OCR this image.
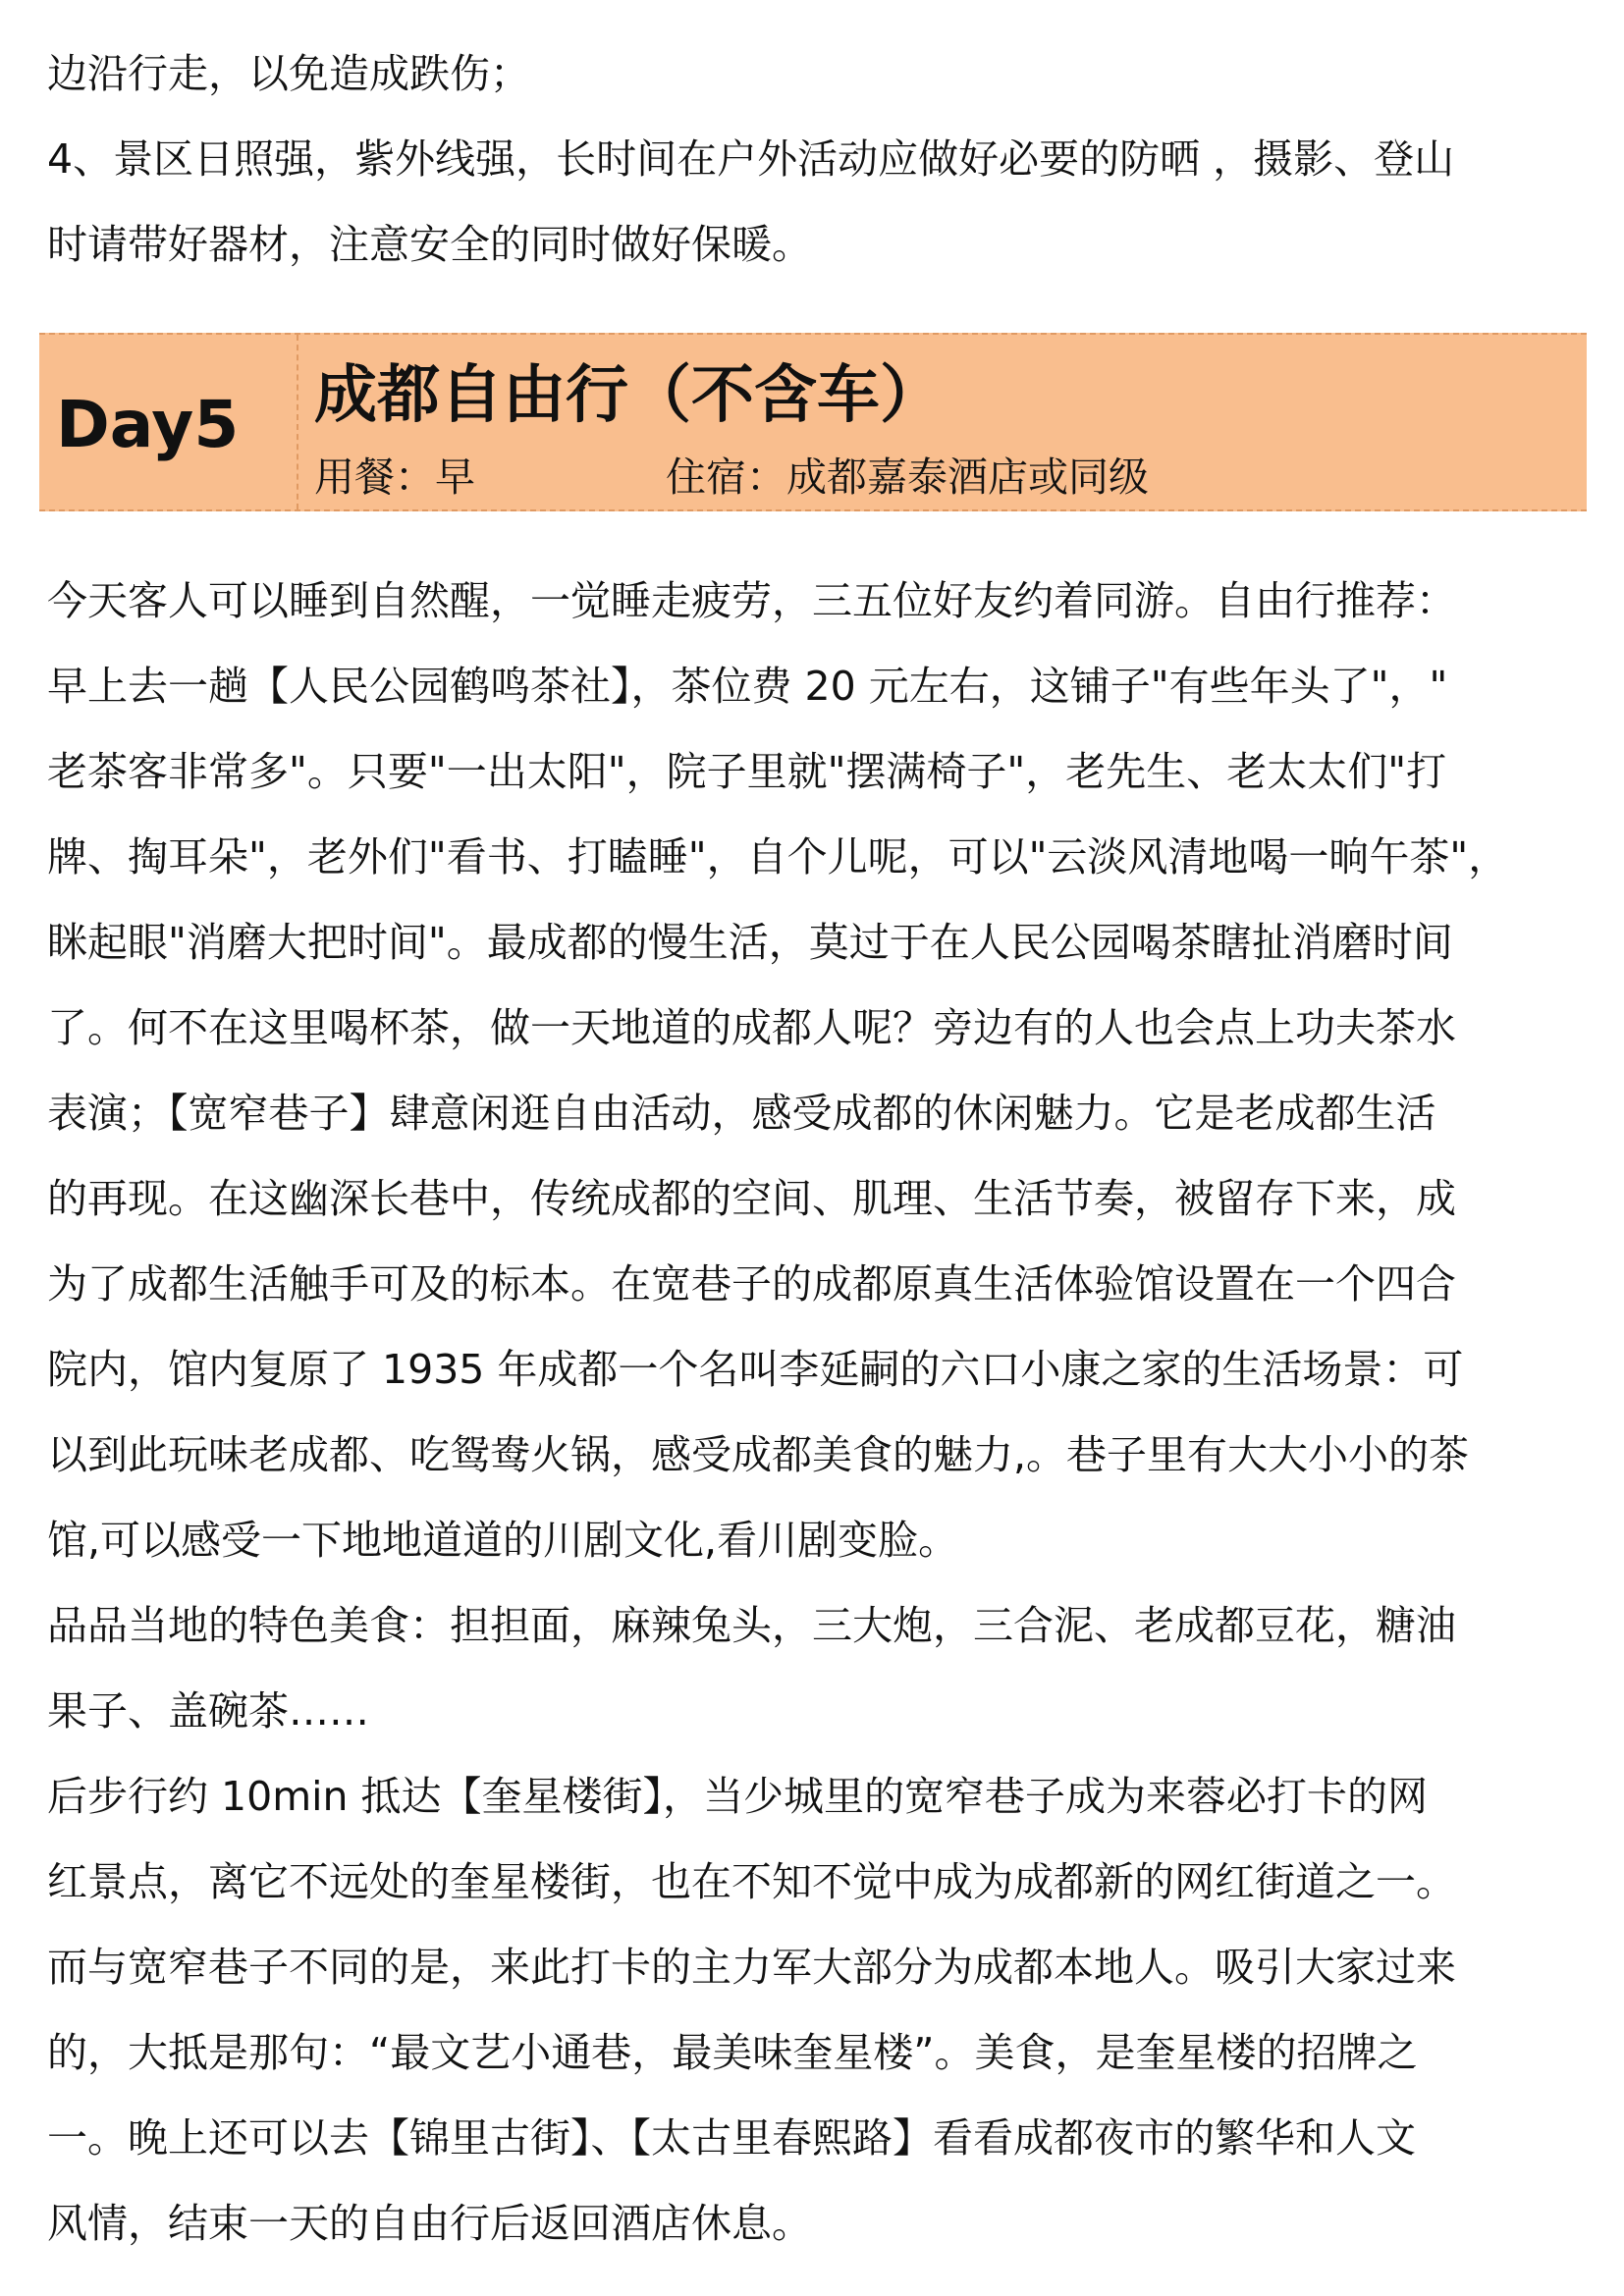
边沿行走，以免造成跌伤；
4、景区日照强，紫外线强，长时间在户外活动应做好必要的防晒 ，摄影、登山
时请带好器材，注意安全的同时做好保暖。
Day5 成都自由行（不含车）
用餐：早	住宿：成都嘉泰酒店或同级
今天客人可以睡到自然醒，一觉睡走疲劳，三五位好友约着同游。自由行推荐：
早上去一趟【人民公园鹤鸣茶社】，茶位费 20 元左右，这铺子"有些年头了"，"
老茶客非常多"。只要"一出太阳"，院子里就"摆满椅子"，老先生、老太太们"打
牌、掏耳朵"，老外们"看书、打瞌睡"，自个儿呢，可以"云淡风清地喝一晌午茶"，
眯起眼"消磨大把时间"。最成都的慢生活，莫过于在人民公园喝茶瞎扯消磨时间
了。何不在这里喝杯茶，做一天地道的成都人呢？旁边有的人也会点上功夫茶水
表演；【宽窄巷子】肆意闲逛自由活动，感受成都的休闲魅力。它是老成都生活
的再现。在这幽深长巷中，传统成都的空间、肌理、生活节奏，被留存下来，成
为了成都生活触手可及的标本。在宽巷子的成都原真生活体验馆设置在一个四合
院内，馆内复原了 1935 年成都一个名叫李延嗣的六口小康之家的生活场景：可
以到此玩味老成都、吃鸳鸯火锅，感受成都美食的魅力,。巷子里有大大小小的茶
馆,可以感受一下地地道道的川剧文化,看川剧变脸。
品品当地的特色美食：担担面，麻辣兔头，三大炮，三合泥、老成都豆花，糖油
果子、盖碗茶……
后步行约 10min 抵达【奎星楼街】，当少城里的宽窄巷子成为来蓉必打卡的网
红景点，离它不远处的奎星楼街，也在不知不觉中成为成都新的网红街道之一。
而与宽窄巷子不同的是，来此打卡的主力军大部分为成都本地人。吸引大家过来
的，大抵是那句：“最文艺小通巷，最美味奎星楼”。美食，是奎星楼的招牌之
一。晚上还可以去【锦里古街】、【太古里春熙路】看看成都夜市的繁华和人文
风情，结束一天的自由行后返回酒店休息。
